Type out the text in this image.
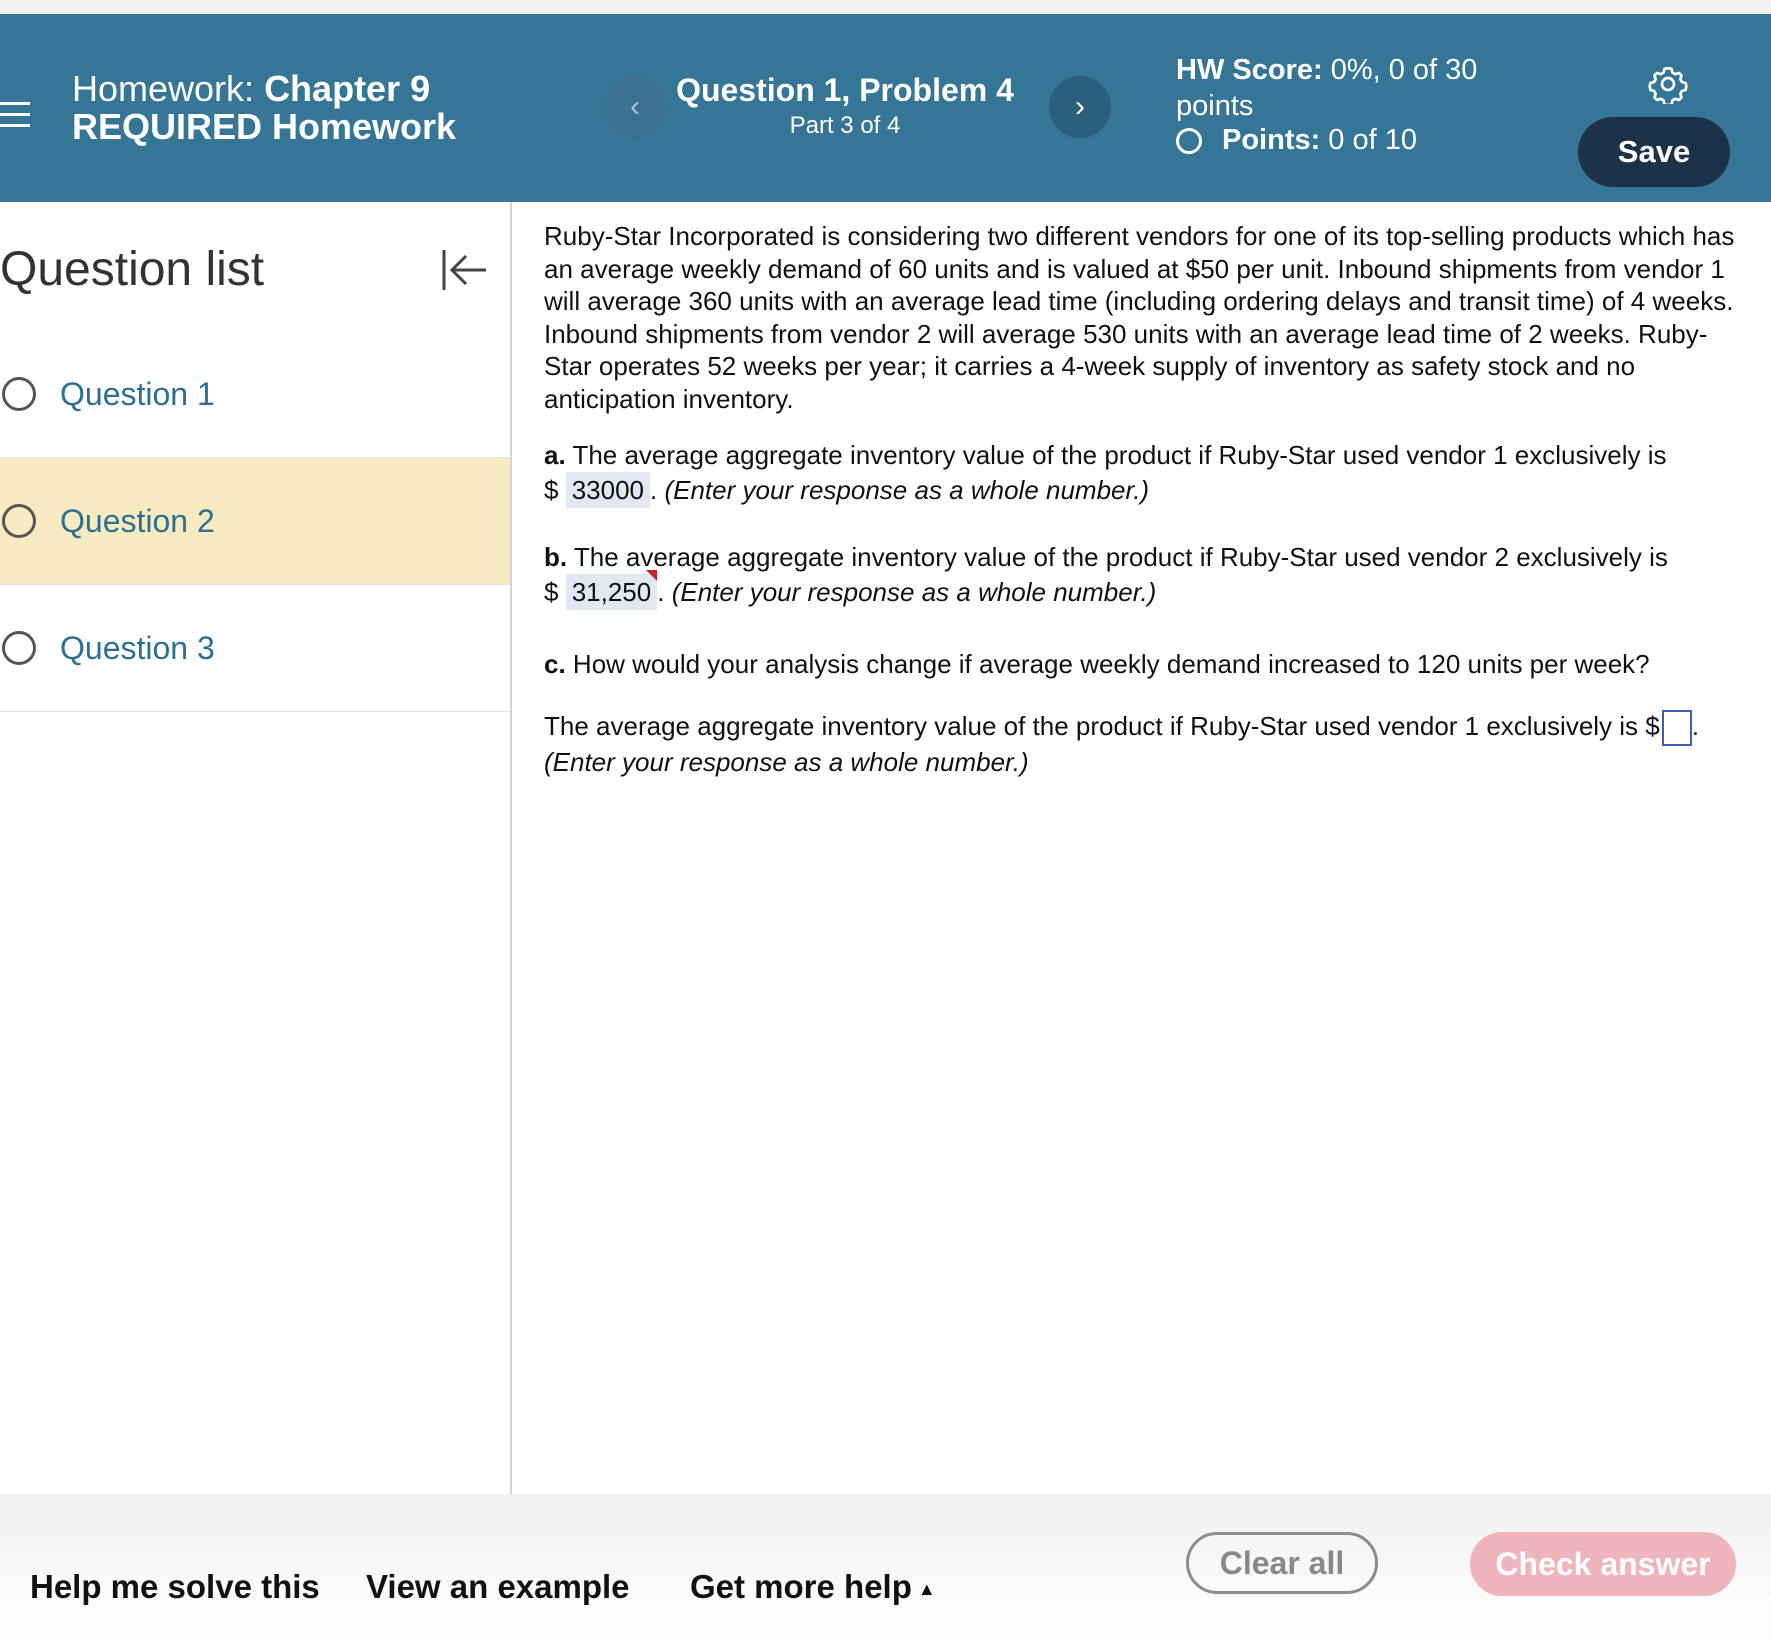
Homework: Chapter 9
REQUIRED Homework	‹	Question 1, Problem 4
Part 3 of 4
›
HW Score: 0%, 0 of 30
points
Points: 0 of 10	Save
Question list
Question 1
Question 2
Question 3

Ruby-Star Incorporated is considering two different vendors for one of its top-selling products which has an average weekly demand of 60 units and is valued at $50 per unit. Inbound shipments from vendor 1 will average 360 units with an average lead time (including ordering delays and transit time) of 4 weeks. Inbound shipments from vendor 2 will average 530 units with an average lead time of 2 weeks. Ruby-Star operates 52 weeks per year; it carries a 4-week supply of inventory as safety stock and no anticipation inventory.

a. The average aggregate inventory value of the product if Ruby-Star used vendor 1 exclusively is
$ 33000 . (Enter your response as a whole number.)
b. The average aggregate inventory value of the product if Ruby-Star used vendor 2 exclusively is
$ 31,250 . (Enter your response as a whole number.)
c. How would your analysis change if average weekly demand increased to 120 units per week?
The average aggregate inventory value of the product if Ruby-Star used vendor 1 exclusively is $ .
(Enter your response as a whole number.)
Help me solve this View an example Get more help ▲
Clear all	Check answer
